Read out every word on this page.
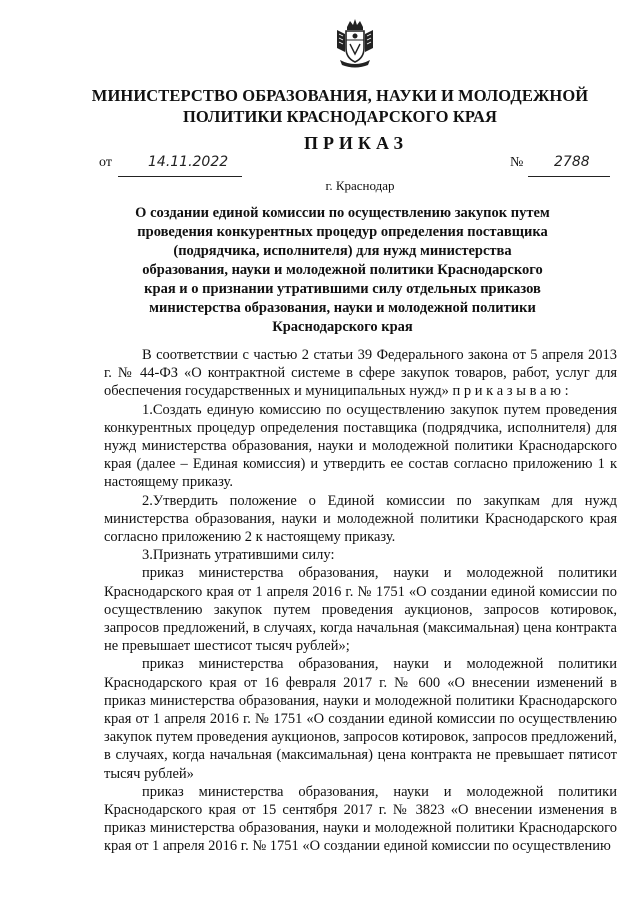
МИНИСТЕРСТВО ОБРАЗОВАНИЯ, НАУКИ И МОЛОДЕЖНОЙ
ПОЛИТИКИ КРАСНОДАРСКОГО КРАЯ
ПРИКАЗ
от	14.11.2022	№ 2788
г. Краснодар
О создании единой комиссии по осуществлению закупок путем проведения конкурентных процедур определения поставщика (подрядчика, исполнителя) для нужд министерства образования, науки и молодежной политики Краснодарского края и о признании утратившими силу отдельных приказов министерства образования, науки и молодежной политики Краснодарского края

В соответствии с частью 2 статьи 39 Федерального закона от 5 апреля 2013 г. № 44-ФЗ «О контрактной системе в сфере закупок товаров, работ, услуг для обеспечения государственных и муниципальных нужд» п р и к а з ы в а ю :

1.Создать единую комиссию по осуществлению закупок путем проведения конкурентных процедур определения поставщика (подрядчика, исполнителя) для нужд министерства образования, науки и молодежной политики Краснодарского края (далее – Единая комиссия) и утвердить ее состав согласно приложению 1 к настоящему приказу.

2.Утвердить положение о Единой комиссии по закупкам для нужд министерства образования, науки и молодежной политики Краснодарского края согласно приложению 2 к настоящему приказу.

3.Признать утратившими силу:

приказ министерства образования, науки и молодежной политики Краснодарского края от 1 апреля 2016 г. № 1751 «О создании единой комиссии по осуществлению закупок путем проведения аукционов, запросов котировок, запросов предложений, в случаях, когда начальная (максимальная) цена контракта не превышает шестисот тысяч рублей»;

приказ министерства образования, науки и молодежной политики Краснодарского края от 16 февраля 2017 г. № 600 «О внесении изменений в приказ министерства образования, науки и молодежной политики Краснодарского края от 1 апреля 2016 г. № 1751 «О создании единой комиссии по осуществлению закупок путем проведения аукционов, запросов котировок, запросов предложений, в случаях, когда начальная (максимальная) цена контракта не превышает пятисот тысяч рублей»

приказ министерства образования, науки и молодежной политики Краснодарского края от 15 сентября 2017 г. № 3823 «О внесении изменения в приказ министерства образования, науки и молодежной политики Краснодарского края от 1 апреля 2016 г. № 1751 «О создании единой комиссии по осуществлению
